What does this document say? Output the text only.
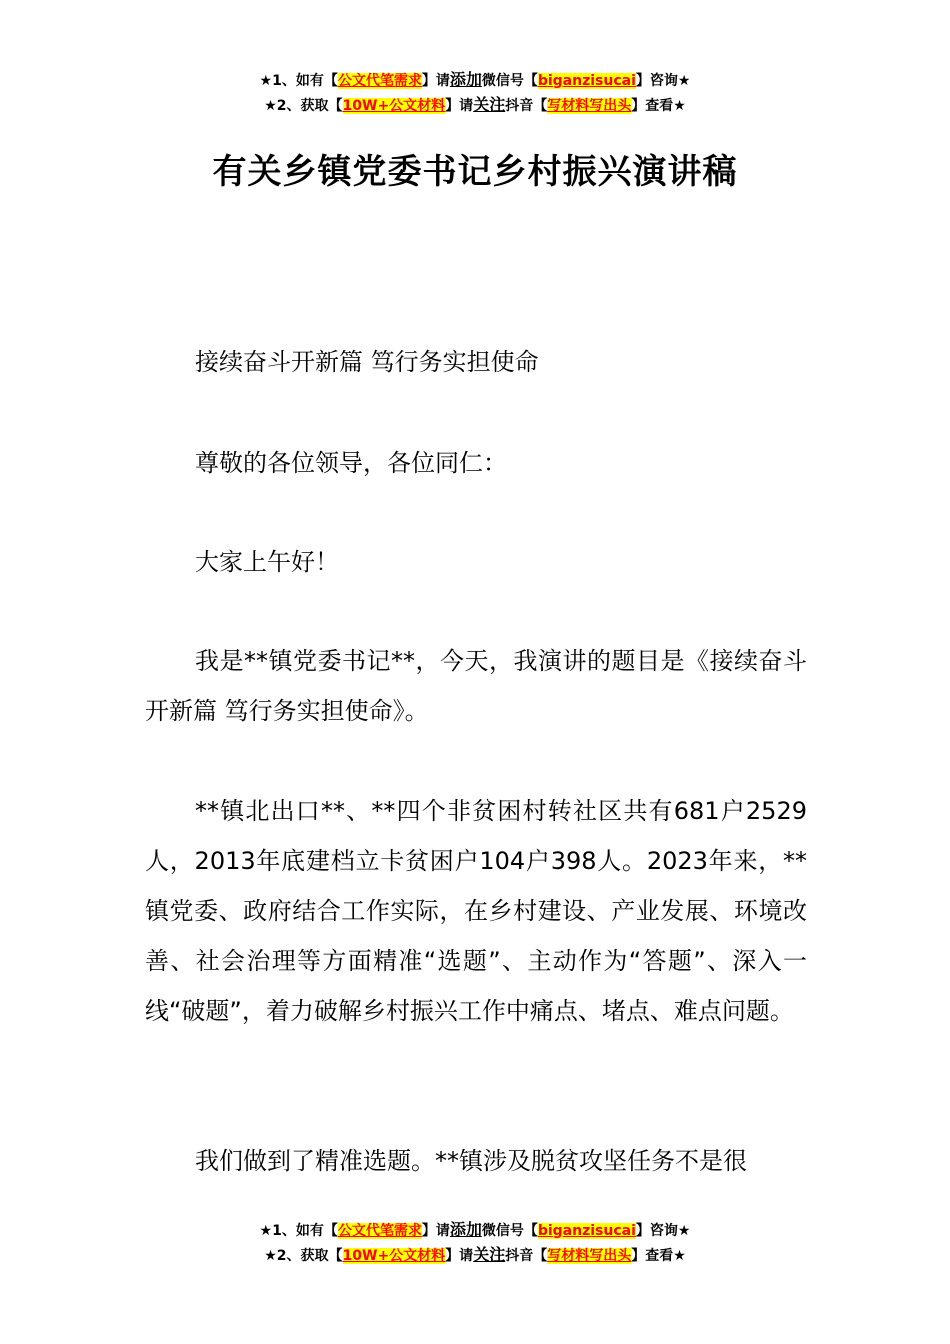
★1、如有【公文代笔需求】请添加微信号【biganzisucai】咨询★
★2、获取【10W+公文材料】请关注抖音【写材料写出头】查看★
有关乡镇党委书记乡村振兴演讲稿

接续奋斗开新篇 笃行务实担使命

尊敬的各位领导，各位同仁：

大家上午好！

我是**镇党委书记**，今天，我演讲的题目是《接续奋斗开新篇 笃行务实担使命》。

**镇北出口**、**四个非贫困村转社区共有681户2529人，2013年底建档立卡贫困户104户398人。2023年来，**镇党委、政府结合工作实际，在乡村建设、产业发展、环境改善、社会治理等方面精准“选题”、主动作为“答题”、深入一线“破题”，着力破解乡村振兴工作中痛点、堵点、难点问题。

我们做到了精准选题。**镇涉及脱贫攻坚任务不是很

★1、如有【公文代笔需求】请添加微信号【biganzisucai】咨询★
★2、获取【10W+公文材料】请关注抖音【写材料写出头】查看★
